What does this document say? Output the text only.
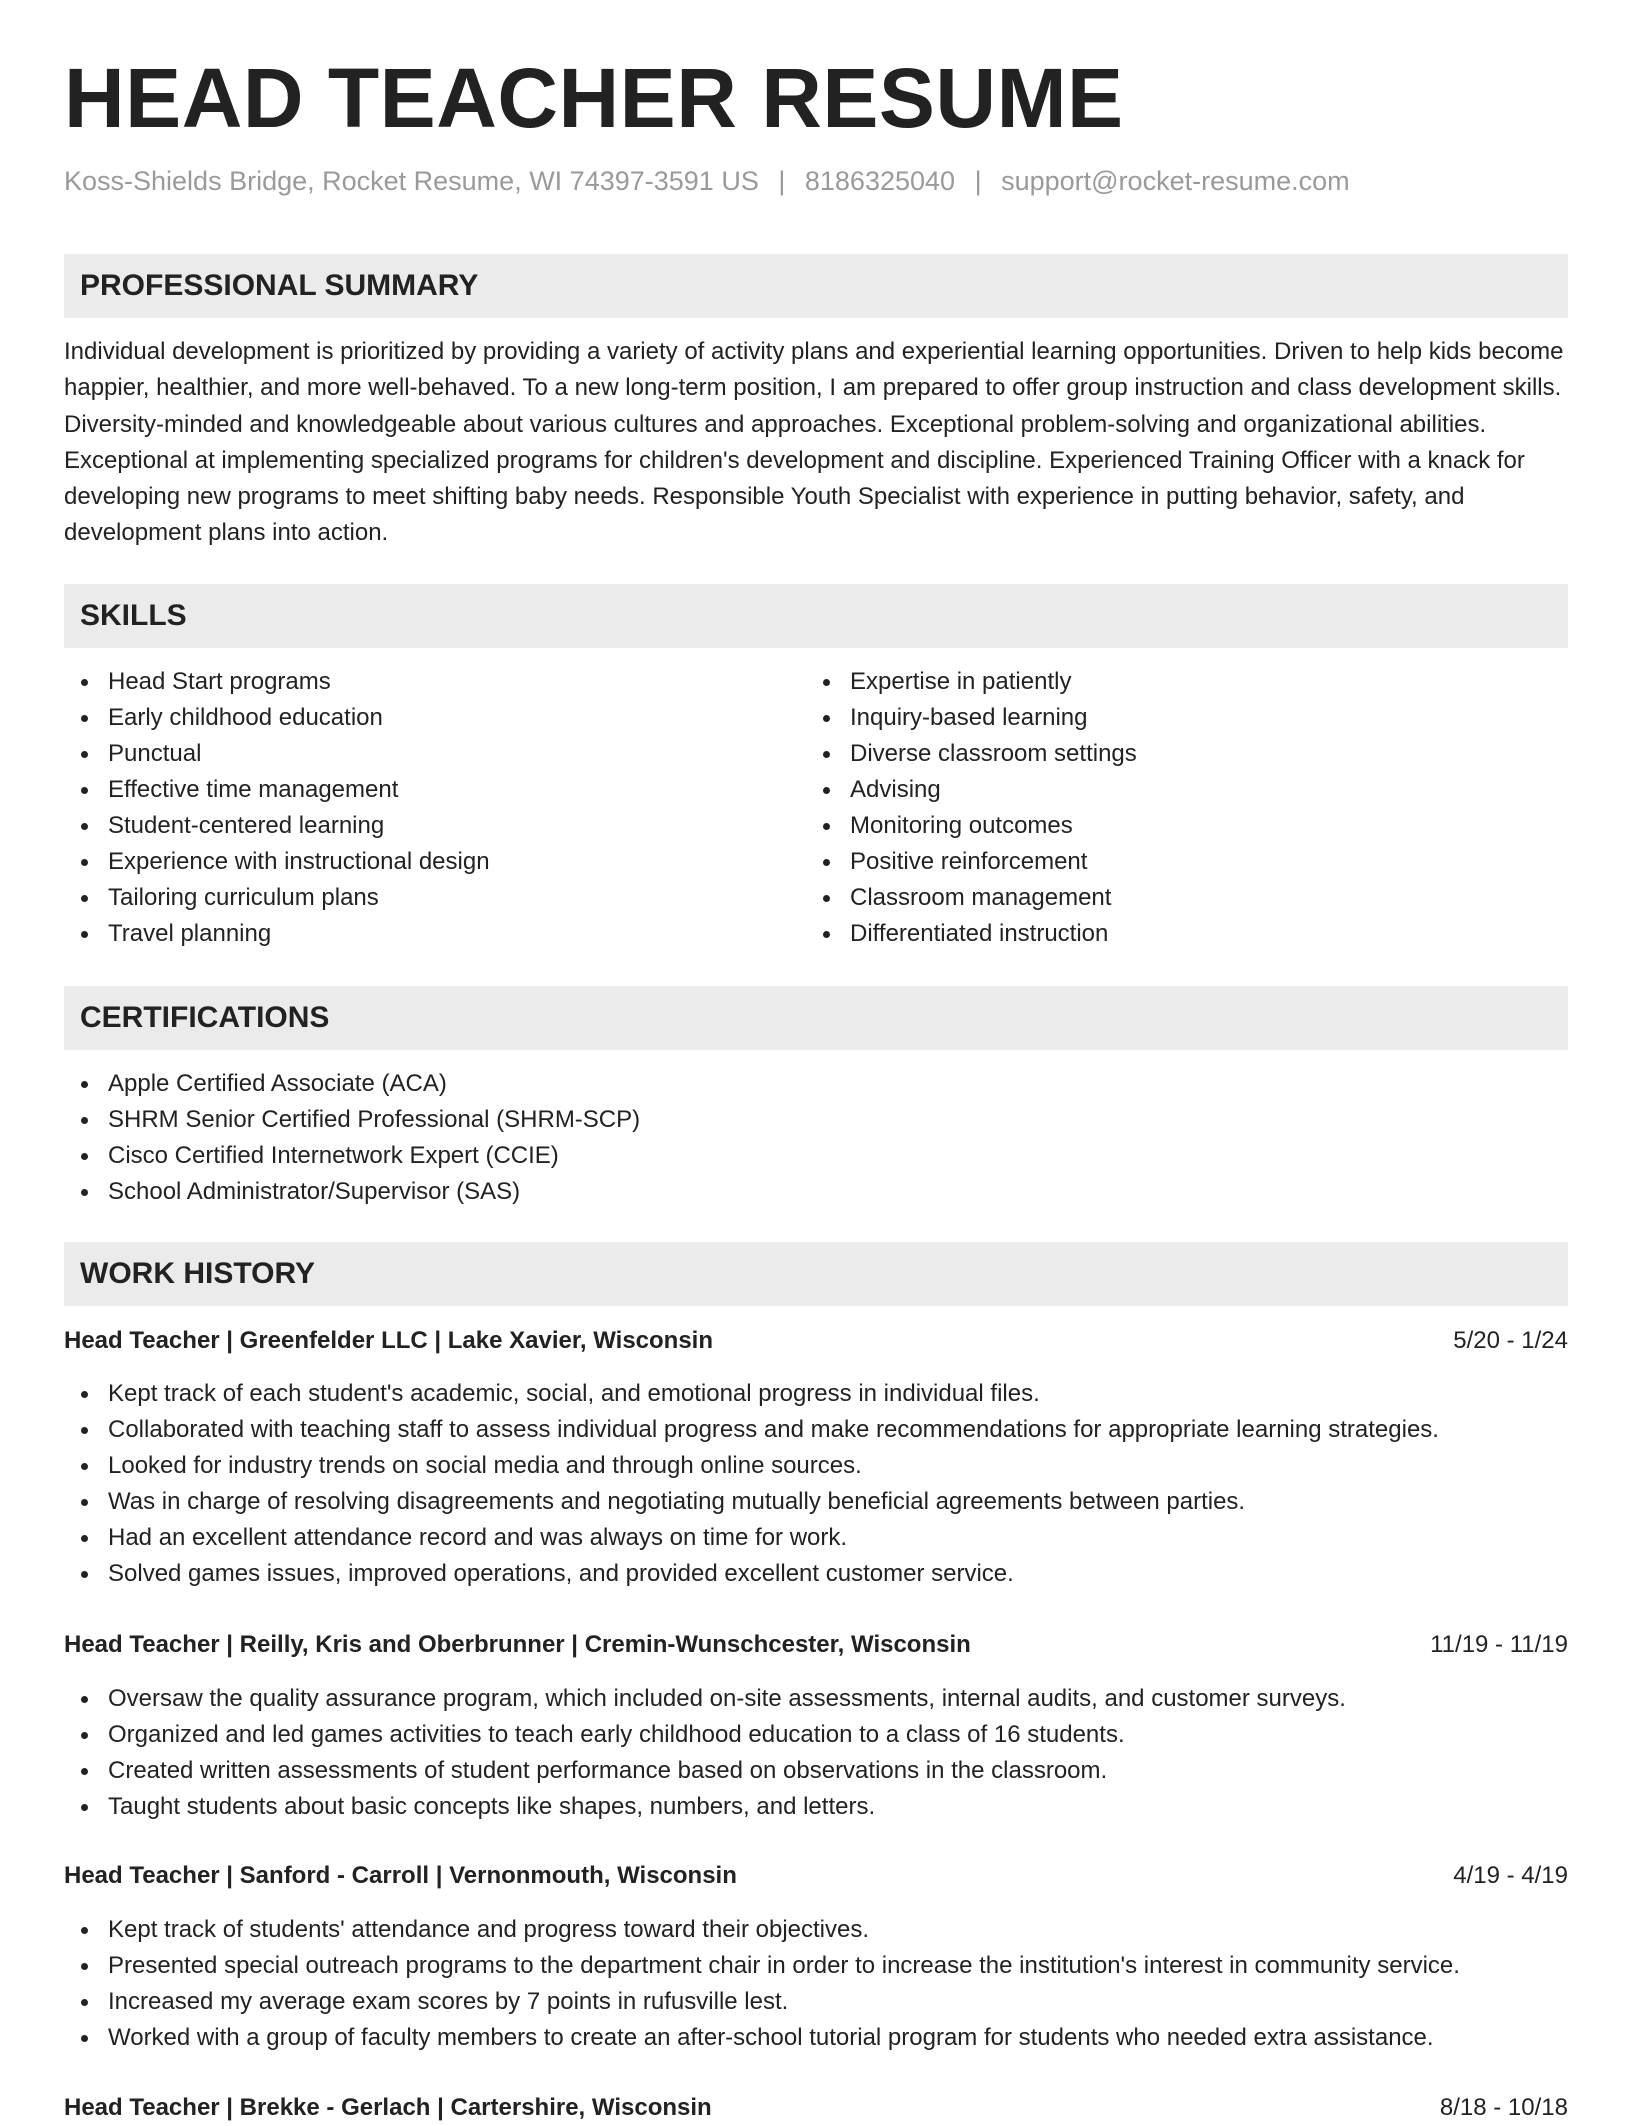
HEAD TEACHER RESUME
Koss-Shields Bridge, Rocket Resume, WI 74397-3591 US | 8186325040 | support@rocket-resume.com
PROFESSIONAL SUMMARY

Individual development is prioritized by providing a variety of activity plans and experiential learning opportunities. Driven to help kids become happier, healthier, and more well-behaved. To a new long-term position, I am prepared to offer group instruction and class development skills. Diversity-minded and knowledgeable about various cultures and approaches. Exceptional problem-solving and organizational abilities. Exceptional at implementing specialized programs for children's development and discipline. Experienced Training Officer with a knack for developing new programs to meet shifting baby needs. Responsible Youth Specialist with experience in putting behavior, safety, and development plans into action.

SKILLS
Head Start programs
Early childhood education
Punctual
Effective time management
Student-centered learning
Experience with instructional design
Tailoring curriculum plans
Travel planning
Expertise in patiently
Inquiry-based learning
Diverse classroom settings
Advising
Monitoring outcomes
Positive reinforcement
Classroom management
Differentiated instruction
CERTIFICATIONS
Apple Certified Associate (ACA)
SHRM Senior Certified Professional (SHRM-SCP)
Cisco Certified Internetwork Expert (CCIE)
School Administrator/Supervisor (SAS)
WORK HISTORY
Head Teacher | Greenfelder LLC | Lake Xavier, Wisconsin	5/20 - 1/24
Kept track of each student's academic, social, and emotional progress in individual files.
Collaborated with teaching staff to assess individual progress and make recommendations for appropriate learning strategies.
Looked for industry trends on social media and through online sources.
Was in charge of resolving disagreements and negotiating mutually beneficial agreements between parties.
Had an excellent attendance record and was always on time for work.
Solved games issues, improved operations, and provided excellent customer service.
Head Teacher | Reilly, Kris and Oberbrunner | Cremin-Wunschcester, Wisconsin	11/19 - 11/19
Oversaw the quality assurance program, which included on-site assessments, internal audits, and customer surveys.
Organized and led games activities to teach early childhood education to a class of 16 students.
Created written assessments of student performance based on observations in the classroom.
Taught students about basic concepts like shapes, numbers, and letters.
Head Teacher | Sanford - Carroll | Vernonmouth, Wisconsin	4/19 - 4/19
Kept track of students' attendance and progress toward their objectives.
Presented special outreach programs to the department chair in order to increase the institution's interest in community service.
Increased my average exam scores by 7 points in rufusville lest.
Worked with a group of faculty members to create an after-school tutorial program for students who needed extra assistance.
Head Teacher | Brekke - Gerlach | Cartershire, Wisconsin	8/18 - 10/18
